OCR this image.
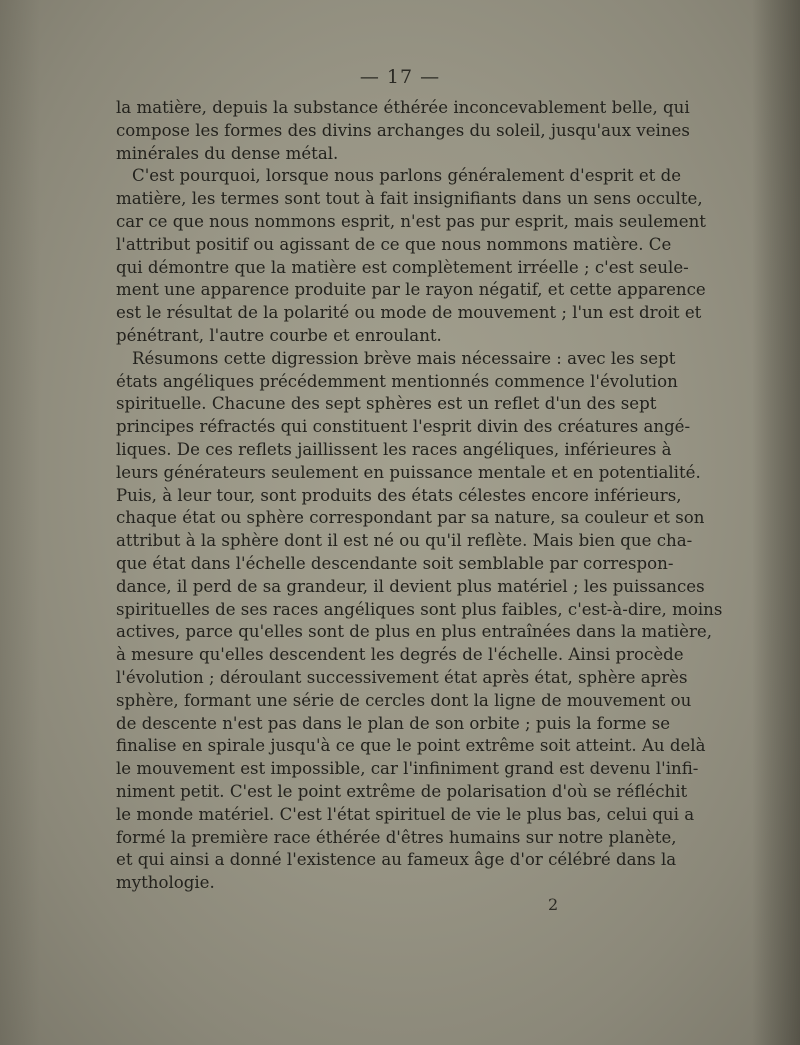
— 17 —
la matière, depuis la substance éthérée inconcevablement belle, qui
compose les formes des divins archanges du soleil, jusqu'aux veines
minérales du dense métal.
C'est pourquoi, lorsque nous parlons généralement d'esprit et de
matière, les termes sont tout à fait insignifiants dans un sens occulte,
car ce que nous nommons esprit, n'est pas pur esprit, mais seulement
l'attribut positif ou agissant de ce que nous nommons matière. Ce
qui démontre que la matière est complètement irréelle ; c'est seule-
ment une apparence produite par le rayon négatif, et cette apparence
est le résultat de la polarité ou mode de mouvement ; l'un est droit et
pénétrant, l'autre courbe et enroulant.
Résumons cette digression brève mais nécessaire : avec les sept
états angéliques précédemment mentionnés commence l'évolution
spirituelle. Chacune des sept sphères est un reflet d'un des sept
principes réfractés qui constituent l'esprit divin des créatures angé-
liques. De ces reflets jaillissent les races angéliques, inférieures à
leurs générateurs seulement en puissance mentale et en potentialité.
Puis, à leur tour, sont produits des états célestes encore inférieurs,
chaque état ou sphère correspondant par sa nature, sa couleur et son
attribut à la sphère dont il est né ou qu'il reflète. Mais bien que cha-
que état dans l'échelle descendante soit semblable par correspon-
dance, il perd de sa grandeur, il devient plus matériel ; les puissances
spirituelles de ses races angéliques sont plus faibles, c'est-à-dire, moins
actives, parce qu'elles sont de plus en plus entraînées dans la matière,
à mesure qu'elles descendent les degrés de l'échelle. Ainsi procède
l'évolution ; déroulant successivement état après état, sphère après
sphère, formant une série de cercles dont la ligne de mouvement ou
de descente n'est pas dans le plan de son orbite ; puis la forme se
finalise en spirale jusqu'à ce que le point extrême soit atteint. Au delà
le mouvement est impossible, car l'infiniment grand est devenu l'infi-
niment petit. C'est le point extrême de polarisation d'où se réfléchit
le monde matériel. C'est l'état spirituel de vie le plus bas, celui qui a
formé la première race éthérée d'êtres humains sur notre planète,
et qui ainsi a donné l'existence au fameux âge d'or célébré dans la
mythologie.
2
